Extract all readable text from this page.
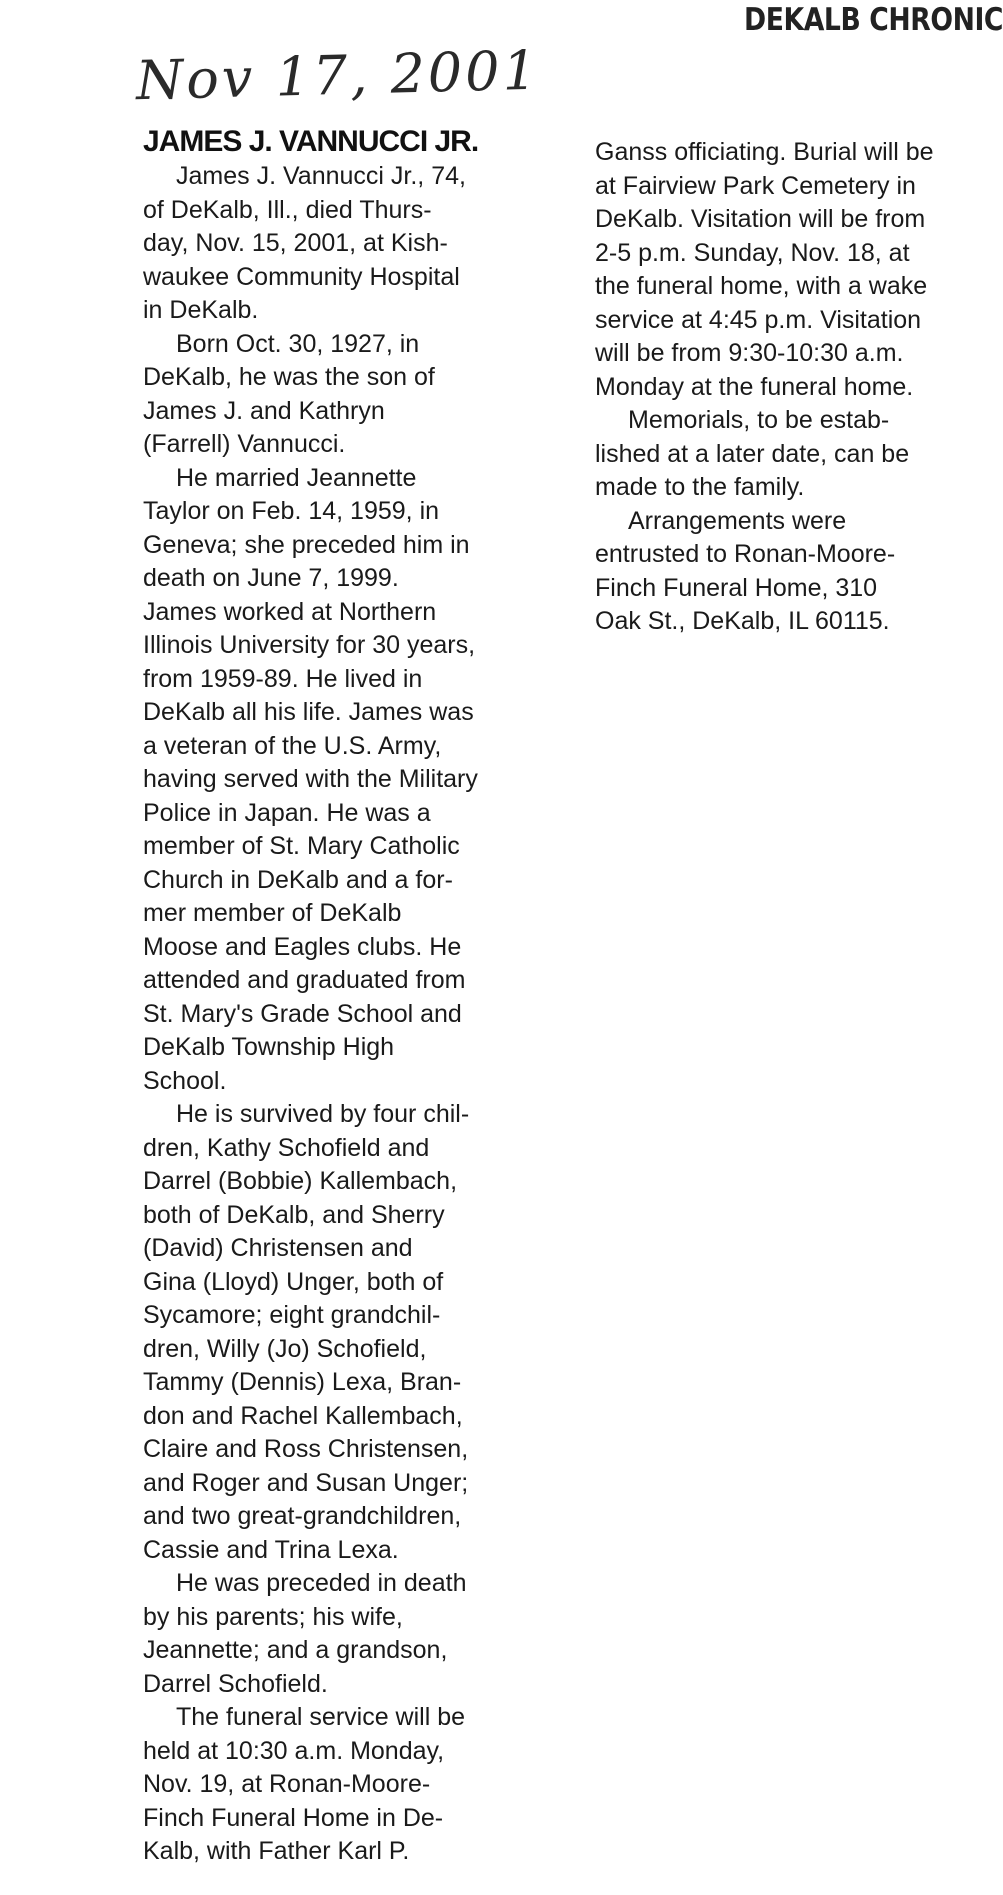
DEKALB CHRONIC
Nov 17, 2001
JAMES J. VANNUCCI JR.
James J. Vannucci Jr., 74,
of DeKalb, Ill., died Thurs-
day, Nov. 15, 2001, at Kish-
waukee Community Hospital
in DeKalb.
Born Oct. 30, 1927, in
DeKalb, he was the son of
James J. and Kathryn
(Farrell) Vannucci.
He married Jeannette
Taylor on Feb. 14, 1959, in
Geneva; she preceded him in
death on June 7, 1999.
James worked at Northern
Illinois University for 30 years,
from 1959-89. He lived in
DeKalb all his life. James was
a veteran of the U.S. Army,
having served with the Military
Police in Japan. He was a
member of St. Mary Catholic
Church in DeKalb and a for-
mer member of DeKalb
Moose and Eagles clubs. He
attended and graduated from
St. Mary's Grade School and
DeKalb Township High
School.
He is survived by four chil-
dren, Kathy Schofield and
Darrel (Bobbie) Kallembach,
both of DeKalb, and Sherry
(David) Christensen and
Gina (Lloyd) Unger, both of
Sycamore; eight grandchil-
dren, Willy (Jo) Schofield,
Tammy (Dennis) Lexa, Bran-
don and Rachel Kallembach,
Claire and Ross Christensen,
and Roger and Susan Unger;
and two great-grandchildren,
Cassie and Trina Lexa.
He was preceded in death
by his parents; his wife,
Jeannette; and a grandson,
Darrel Schofield.
The funeral service will be
held at 10:30 a.m. Monday,
Nov. 19, at Ronan-Moore-
Finch Funeral Home in De-
Kalb, with Father Karl P.
Ganss officiating. Burial will be
at Fairview Park Cemetery in
DeKalb. Visitation will be from
2-5 p.m. Sunday, Nov. 18, at
the funeral home, with a wake
service at 4:45 p.m. Visitation
will be from 9:30-10:30 a.m.
Monday at the funeral home.
Memorials, to be estab-
lished at a later date, can be
made to the family.
Arrangements were
entrusted to Ronan-Moore-
Finch Funeral Home, 310
Oak St., DeKalb, IL 60115.
